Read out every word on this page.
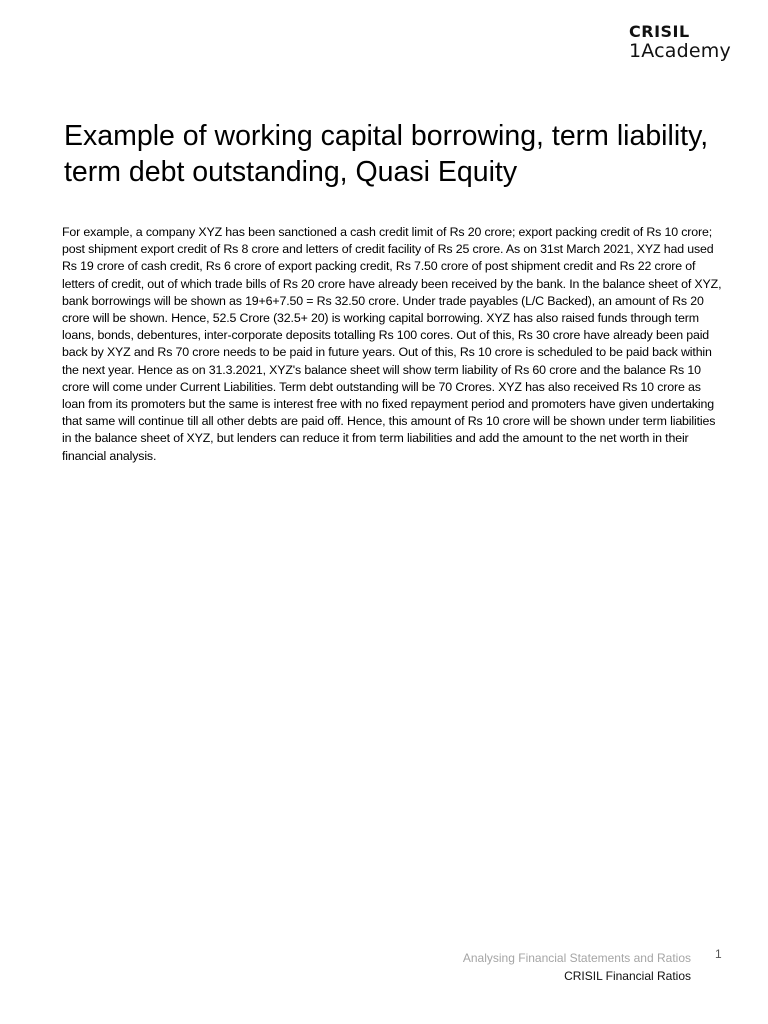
CRISIL
1Academy
Example of working capital borrowing, term liability, term debt outstanding, Quasi Equity

For example, a company XYZ has been sanctioned a cash credit limit of Rs 20 crore; export packing credit of Rs 10 crore; post shipment export credit of Rs 8 crore and letters of credit facility of Rs 25 crore. As on 31st March 2021, XYZ had used Rs 19 crore of cash credit, Rs 6 crore of export packing credit, Rs 7.50 crore of post shipment credit and Rs 22 crore of letters of credit, out of which trade bills of Rs 20 crore have already been received by the bank. In the balance sheet of XYZ, bank borrowings will be shown as 19+6+7.50 = Rs 32.50 crore. Under trade payables (L/C Backed), an amount of Rs 20 crore will be shown. Hence, 52.5 Crore (32.5+ 20) is working capital borrowing. XYZ has also raised funds through term loans, bonds, debentures, inter-corporate deposits totalling Rs 100 cores. Out of this, Rs 30 crore have already been paid back by XYZ and Rs 70 crore needs to be paid in future years. Out of this, Rs 10 crore is scheduled to be paid back within the next year. Hence as on 31.3.2021, XYZ's balance sheet will show term liability of Rs 60 crore and the balance Rs 10 crore will come under Current Liabilities. Term debt outstanding will be 70 Crores. XYZ has also received Rs 10 crore as loan from its promoters but the same is interest free with no fixed repayment period and promoters have given undertaking that same will continue till all other debts are paid off. Hence, this amount of Rs 10 crore will be shown under term liabilities in the balance sheet of XYZ, but lenders can reduce it from term liabilities and add the amount to the net worth in their financial analysis.

Analysing Financial Statements and Ratios
CRISIL Financial Ratios
1
